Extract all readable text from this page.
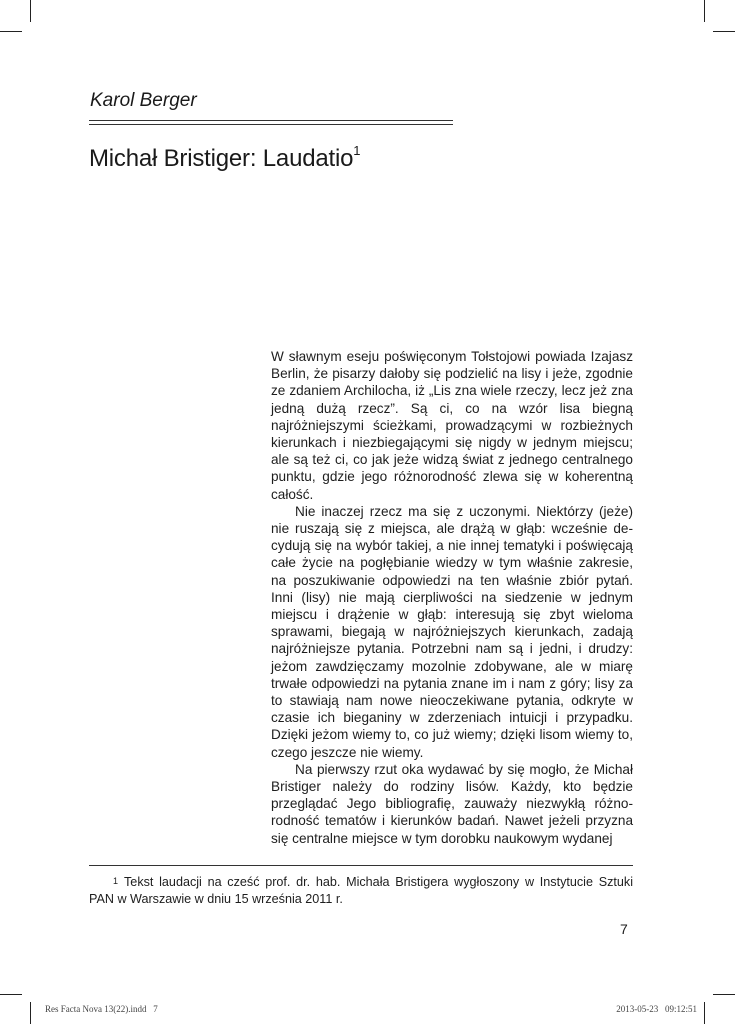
Karol Berger
Michał Bristiger: Laudatio$^1$

W sławnym eseju poświęconym Tołstojowi powiada Izajasz Berlin, że pisarzy dałoby się podzielić na lisy i jeże, zgodnie ze zdaniem Archilocha, iż „Lis zna wiele rzeczy, lecz jeż zna jedną dużą rzecz”. Są ci, co na wzór lisa biegną najróżniejszymi ścieżkami, prowadzącymi w rozbieżnych kierunkach i niezbiegającymi się nigdy w jednym miejscu; ale są też ci, co jak jeże widzą świat z jednego centralnego punktu, gdzie jego różnorodność zlewa się w koherentną całość.

Nie inaczej rzecz ma się z uczonymi. Niektórzy (jeże) nie ruszają się z miejsca, ale drążą w głąb: wcześnie decydują się na wybór takiej, a nie innej tematyki i poświęcają całe życie na pogłębianie wiedzy w tym właśnie zakresie, na poszukiwanie odpowiedzi na ten właśnie zbiór pytań. Inni (lisy) nie mają cierpliwości na siedzenie w jednym miejscu i drążenie w głąb: interesują się zbyt wieloma sprawami, biegają w najróżniejszych kierunkach, zadają najróżniejsze pytania. Potrzebni nam są i jedni, i drudzy: jeżom zawdzięczamy mozolnie zdobywane, ale w miarę trwałe odpowiedzi na pytania znane im i nam z góry; lisy za to stawiają nam nowe nieoczekiwane pytania, odkryte w czasie ich bieganiny w zderzeniach intuicji i przypadku. Dzięki jeżom wiemy to, co już wiemy; dzięki lisom wiemy to, czego jeszcze nie wiemy.

Na pierwszy rzut oka wydawać by się mogło, że Michał Bristiger należy do rodziny lisów. Każdy, kto będzie przeglądać Jego bibliografię, zauważy niezwykłą różnorodność tematów i kierunków badań. Nawet jeżeli przyzna się centralne miejsce w tym dorobku naukowym wydanej

$^1$ Tekst laudacji na cześć prof. dr. hab. Michała Bristigera wygłoszony w Instytucie Sztuki PAN w Warszawie w dniu 15 września 2011 r.
7
Res Facta Nova 13(22).indd   7	2013-05-23   09:12:51
